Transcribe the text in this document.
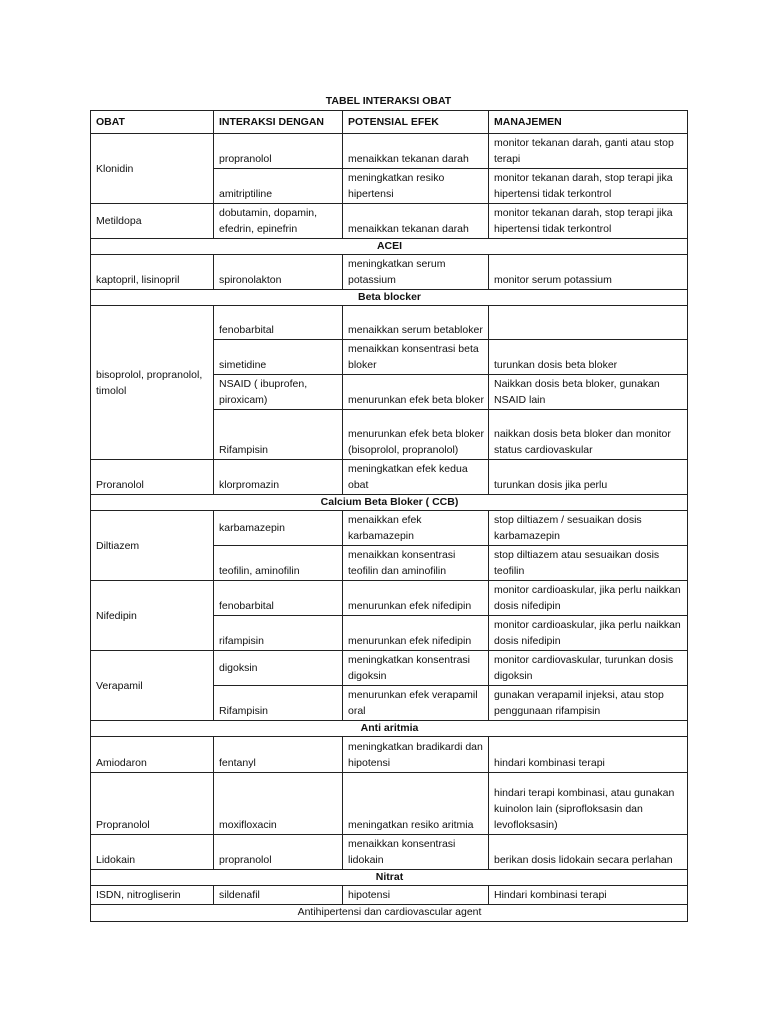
TABEL INTERAKSI OBAT
OBAT	INTERAKSI DENGAN	POTENSIAL EFEK	MANAJEMEN
Klonidin	propranolol	menaikkan tekanan darah	monitor tekanan darah, ganti atau stop terapi
	amitriptiline	meningkatkan resiko hipertensi	monitor tekanan darah, stop terapi jika hipertensi tidak terkontrol
Metildopa	dobutamin, dopamin, efedrin, epinefrin	menaikkan tekanan darah	monitor tekanan darah, stop terapi jika hipertensi tidak terkontrol
ACEI			
kaptopril, lisinopril	spironolakton	meningkatkan serum potassium	monitor serum potassium
Beta blocker			
bisoprolol, propranolol, timolol	fenobarbital	menaikkan serum betabloker	
	simetidine	menaikkan konsentrasi beta bloker	turunkan dosis beta bloker
	NSAID ( ibuprofen, piroxicam)	menurunkan efek beta bloker	Naikkan dosis beta bloker, gunakan NSAID lain
	Rifampisin	menurunkan efek beta bloker (bisoprolol, propranolol)	naikkan dosis beta bloker dan monitor status cardiovaskular
Proranolol	klorpromazin	meningkatkan efek kedua obat	turunkan dosis jika perlu
Calcium Beta Bloker ( CCB)			
Diltiazem	karbamazepin	menaikkan efek karbamazepin	stop diltiazem / sesuaikan dosis karbamazepin
	teofilin, aminofilin	menaikkan konsentrasi teofilin dan aminofilin	stop diltiazem atau sesuaikan dosis teofilin
Nifedipin	fenobarbital	menurunkan efek nifedipin	monitor cardioaskular, jika perlu naikkan dosis nifedipin
	rifampisin	menurunkan efek nifedipin	monitor cardioaskular, jika perlu naikkan dosis nifedipin
Verapamil	digoksin	meningkatkan konsentrasi digoksin	monitor cardiovaskular, turunkan dosis digoksin
	Rifampisin	menurunkan efek verapamil oral	gunakan verapamil injeksi, atau stop penggunaan rifampisin
Anti aritmia			
Amiodaron	fentanyl	meningkatkan bradikardi dan hipotensi	hindari kombinasi terapi
Propranolol	moxifloxacin	meningatkan resiko aritmia	hindari terapi kombinasi, atau gunakan kuinolon lain (siprofloksasin dan levofloksasin)
Lidokain	propranolol	menaikkan konsentrasi lidokain	berikan dosis lidokain secara perlahan
Nitrat			
ISDN, nitrogliserin	sildenafil	hipotensi	Hindari kombinasi terapi
Antihipertensi dan cardiovascular agent			
